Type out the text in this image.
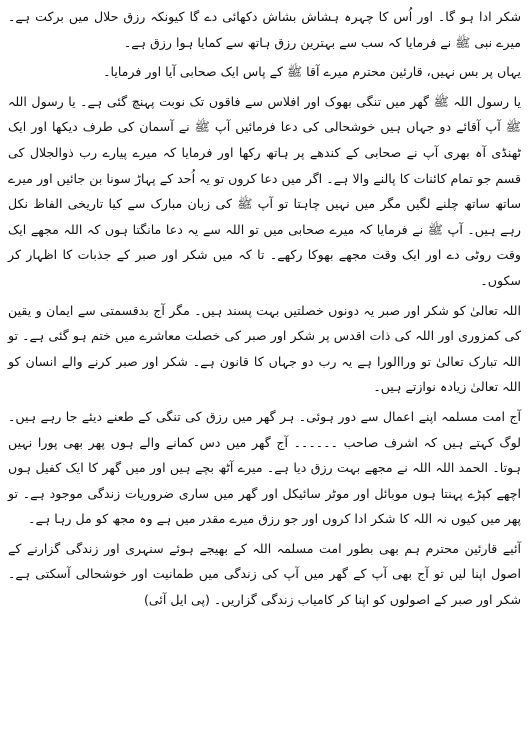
شکر ادا ہو گا۔ اور اُس کا چہرہ ہشاش بشاش دکھائی دے گا کیونکہ رزق حلال میں برکت ہے۔ میرے نبی ﷺ نے فرمایا کہ سب سے بہترین رزق ہاتھ سے کمایا ہوا رزق ہے۔

یہاں پر بس نہیں، قارئین محترم میرے آقا ﷺ کے پاس ایک صحابی آیا اور فرمایا۔

یا رسول اللہ ﷺ گھر میں تنگی بھوک اور افلاس سے فاقوں تک نوبت پہنچ گئی ہے۔ یا رسول اللہ ﷺ آپ آقائے دو جہاں ہیں خوشحالی کی دعا فرمائیں آپ ﷺ نے آسمان کی طرف دیکھا اور ایک ٹھنڈی آہ بھری آپ نے صحابی کے کندھے پر ہاتھ رکھا اور فرمایا کہ میرے پیارے رب ذوالجلال کی قسم جو تمام کائنات کا پالنے والا ہے۔ اگر میں دعا کروں تو یہ اُحد کے پہاڑ سونا بن جائیں اور میرے ساتھ ساتھ چلنے لگیں مگر میں نہیں چاہتا تو آپ ﷺ کی زبان مبارک سے کیا تاریخی الفاظ نکل رہے ہیں۔ آپ ﷺ نے فرمایا کہ میرے صحابی میں تو اللہ سے یہ دعا مانگتا ہوں کہ اللہ مجھے ایک وقت روٹی دے اور ایک وقت مجھے بھوکا رکھے۔ تا کہ میں شکر اور صبر کے جذبات کا اظہار کر سکوں۔

اللہ تعالیٰ کو شکر اور صبر یہ دونوں خصلتیں بہت پسند ہیں۔ مگر آج بدقسمتی سے ایمان و یقین کی کمزوری اور اللہ کی ذات اقدس پر شکر اور صبر کی خصلت معاشرے میں ختم ہو گئی ہے۔ تو اللہ تبارک تعالیٰ تو وراالورا ہے یہ رب دو جہاں کا قانون ہے۔ شکر اور صبر کرنے والے انسان کو اللہ تعالیٰ زیادہ نوازتے ہیں۔

آج امت مسلمہ اپنے اعمال سے دور ہوئی۔ ہر گھر میں رزق کی تنگی کے طعنے دیئے جا رہے ہیں۔ لوگ کہتے ہیں کہ اشرف صاحب ۔۔۔۔۔۔ آج گھر میں دس کمانے والے ہوں پھر بھی پورا نہیں ہوتا۔ الحمد اللہ اللہ نے مجھے بہت رزق دیا ہے۔ میرے آٹھ بچے ہیں اور میں گھر کا ایک کفیل ہوں اچھے کپڑے پہنتا ہوں موبائل اور موٹر سائیکل اور گھر میں ساری ضروریات زندگی موجود ہے۔ تو پھر میں کیوں نہ اللہ کا شکر ادا کروں اور جو رزق میرے مقدر میں ہے وہ مجھ کو مل رہا ہے۔

آئیے قارئین محترم ہم بھی بطور امت مسلمہ اللہ کے بھیجے ہوئے سنہری اور زندگی گزارنے کے اصول اپنا لیں تو آج بھی آپ کے گھر میں آپ کی زندگی میں طمانیت اور خوشحالی آسکتی ہے۔ شکر اور صبر کے اصولوں کو اپنا کر کامیاب زندگی گزاریں۔ (پی ایل آئی)
